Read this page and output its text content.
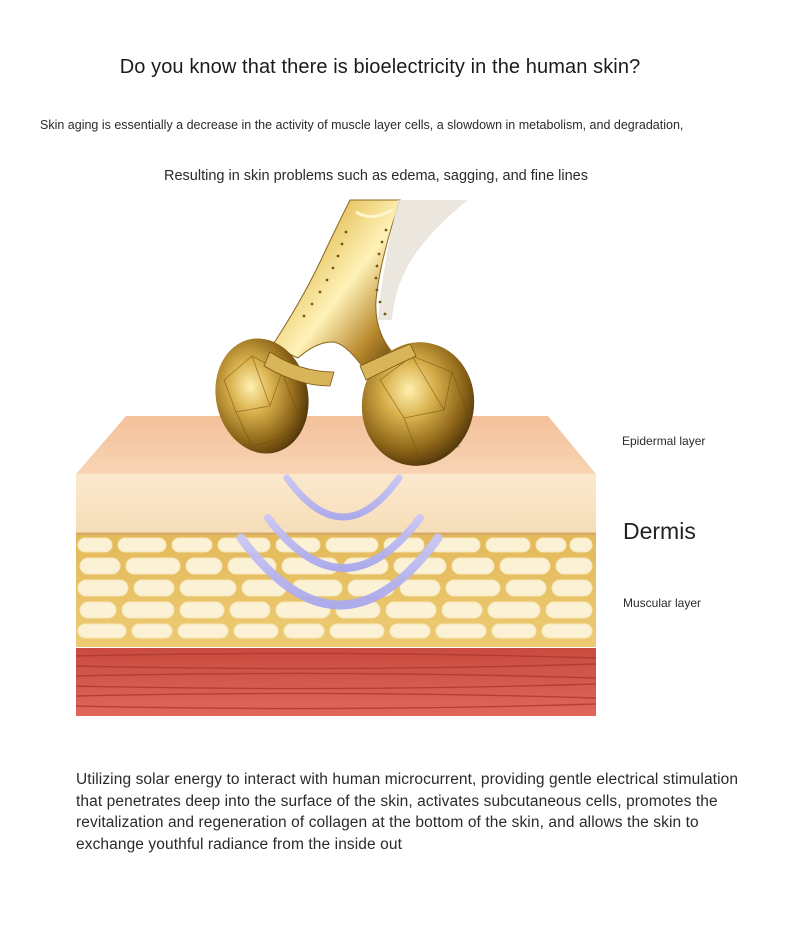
Do you know that there is bioelectricity in the human skin?
Skin aging is essentially a decrease in the activity of muscle layer cells, a slowdown in metabolism, and degradation,
Resulting in skin problems such as edema, sagging, and fine lines
Epidermal layer
Dermis
Muscular layer
Utilizing solar energy to interact with human microcurrent, providing gentle electrical stimulation that penetrates deep into the surface of the skin, activates subcutaneous cells, promotes the revitalization and regeneration of collagen at the bottom of the skin, and allows the skin to exchange youthful radiance from the inside out
